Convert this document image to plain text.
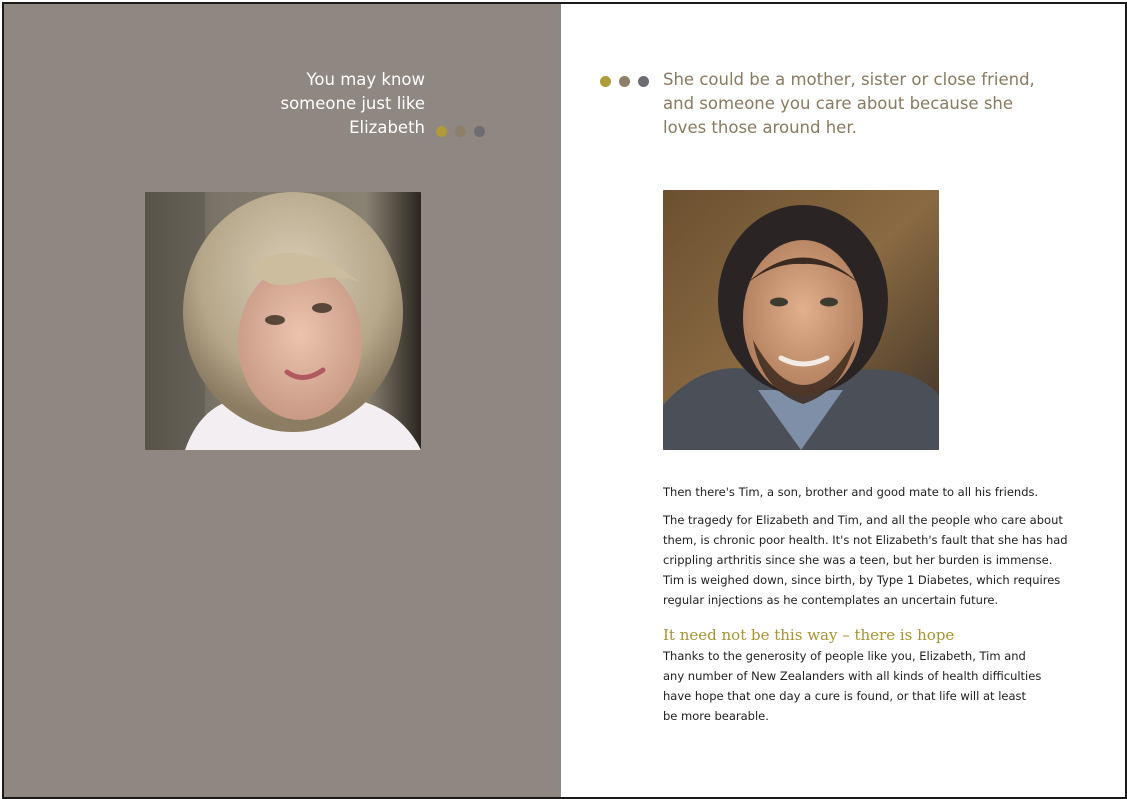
You may know
someone just like
Elizabeth
She could be a mother, sister or close friend,
and someone you care about because she
loves those around her.

Then there's Tim, a son, brother and good mate to all his friends.

The tragedy for Elizabeth and Tim, and all the people who care about
them, is chronic poor health. It's not Elizabeth's fault that she has had
crippling arthritis since she was a teen, but her burden is immense.
Tim is weighed down, since birth, by Type 1 Diabetes, which requires
regular injections as he contemplates an uncertain future.

It need not be this way – there is hope

Thanks to the generosity of people like you, Elizabeth, Tim and
any number of New Zealanders with all kinds of health difficulties
have hope that one day a cure is found, or that life will at least
be more bearable.
